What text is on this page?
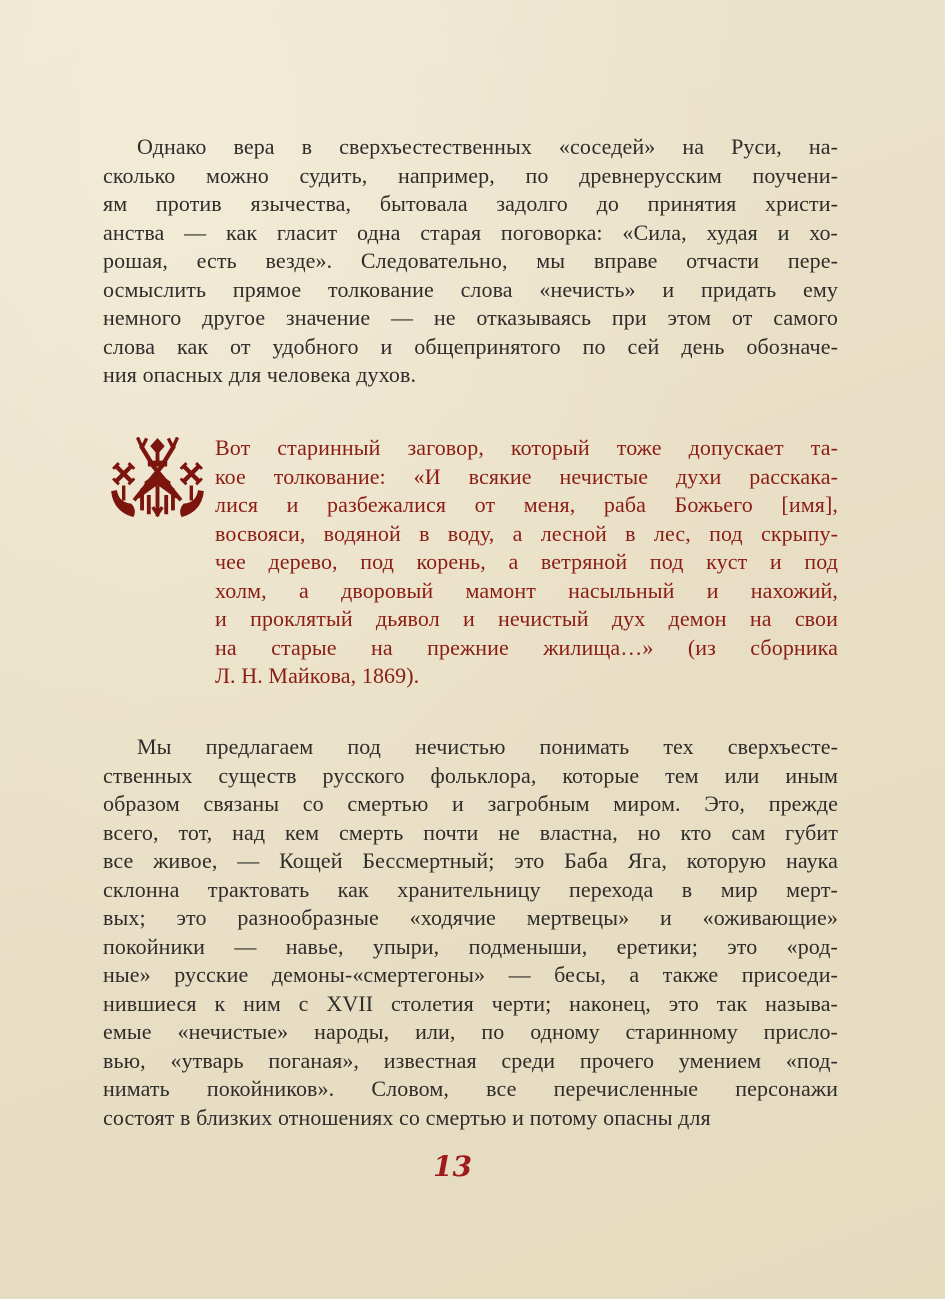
Однако вера в сверхъестественных «соседей» на Руси, на-
сколько можно судить, например, по древнерусским поучени-
ям против язычества, бытовала задолго до принятия христи-
анства — как гласит одна старая поговорка: «Сила, худая и хо-
рошая, есть везде». Следовательно, мы вправе отчасти пере-
осмыслить прямое толкование слова «нечисть» и придать ему
немного другое значение — не отказываясь при этом от самого
слова как от удобного и общепринятого по сей день обозначе-
ния опасных для человека духов.
Вот старинный заговор, который тоже допускает та-
кое толкование: «И всякие нечистые духи расскака-
лися и разбежалися от меня, раба Божьего [имя],
восвояси, водяной в воду, а лесной в лес, под скрыпу-
чее дерево, под корень, а ветряной под куст и под
холм, а дворовый мамонт насыльный и нахожий,
и проклятый дьявол и нечистый дух демон на свои
на старые на прежние жилища…» (из сборника
Л. Н. Майкова, 1869).
Мы предлагаем под нечистью понимать тех сверхъесте-
ственных существ русского фольклора, которые тем или иным
образом связаны со смертью и загробным миром. Это, прежде
всего, тот, над кем смерть почти не властна, но кто сам губит
все живое, — Кощей Бессмертный; это Баба Яга, которую наука
склонна трактовать как хранительницу перехода в мир мерт-
вых; это разнообразные «ходячие мертвецы» и «оживающие»
покойники — навье, упыри, подменыши, еретики; это «род-
ные» русские демоны-«смертегоны» — бесы, а также присоеди-
нившиеся к ним с XVII столетия черти; наконец, это так называ-
емые «нечистые» народы, или, по одному старинному присло-
вью, «утварь поганая», известная среди прочего умением «под-
нимать покойников». Словом, все перечисленные персонажи
состоят в близких отношениях со смертью и потому опасны для
13
